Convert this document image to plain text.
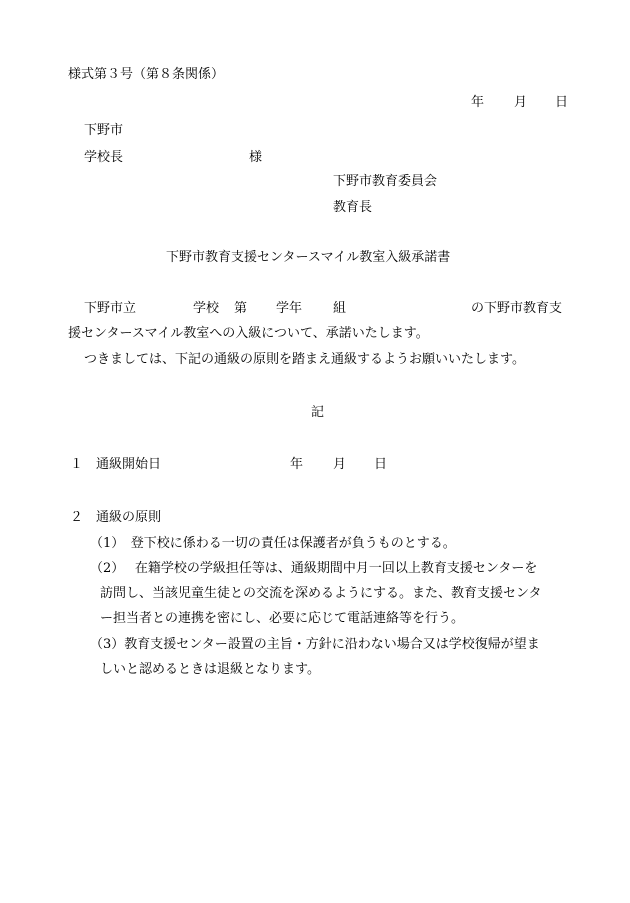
様式第３号（第８条関係）
年 月 日
下野市
学校長	様
下野市教育委員会
教育長
下野市教育支援センタースマイル教室入級承諾書
下野市立	学校 第 学年 組	の下野市教育支
援センタースマイル教室への入級について、承諾いたします。
つきましては、下記の通級の原則を踏まえ通級するようお願いいたします。
記
１　通級開始日	年 月 日
２　通級の原則
（1）　登下校に係わる一切の責任は保護者が負うものとする。
（2）　 在籍学校の学級担任等は、通級期間中月一回以上教育支援センターを
訪問し、当該児童生徒との交流を深めるようにする。また、教育支援センタ
ー担当者との連携を密にし、必要に応じて電話連絡等を行う。
（3）教育支援センター設置の主旨・方針に沿わない場合又は学校復帰が望ま
しいと認めるときは退級となります。
